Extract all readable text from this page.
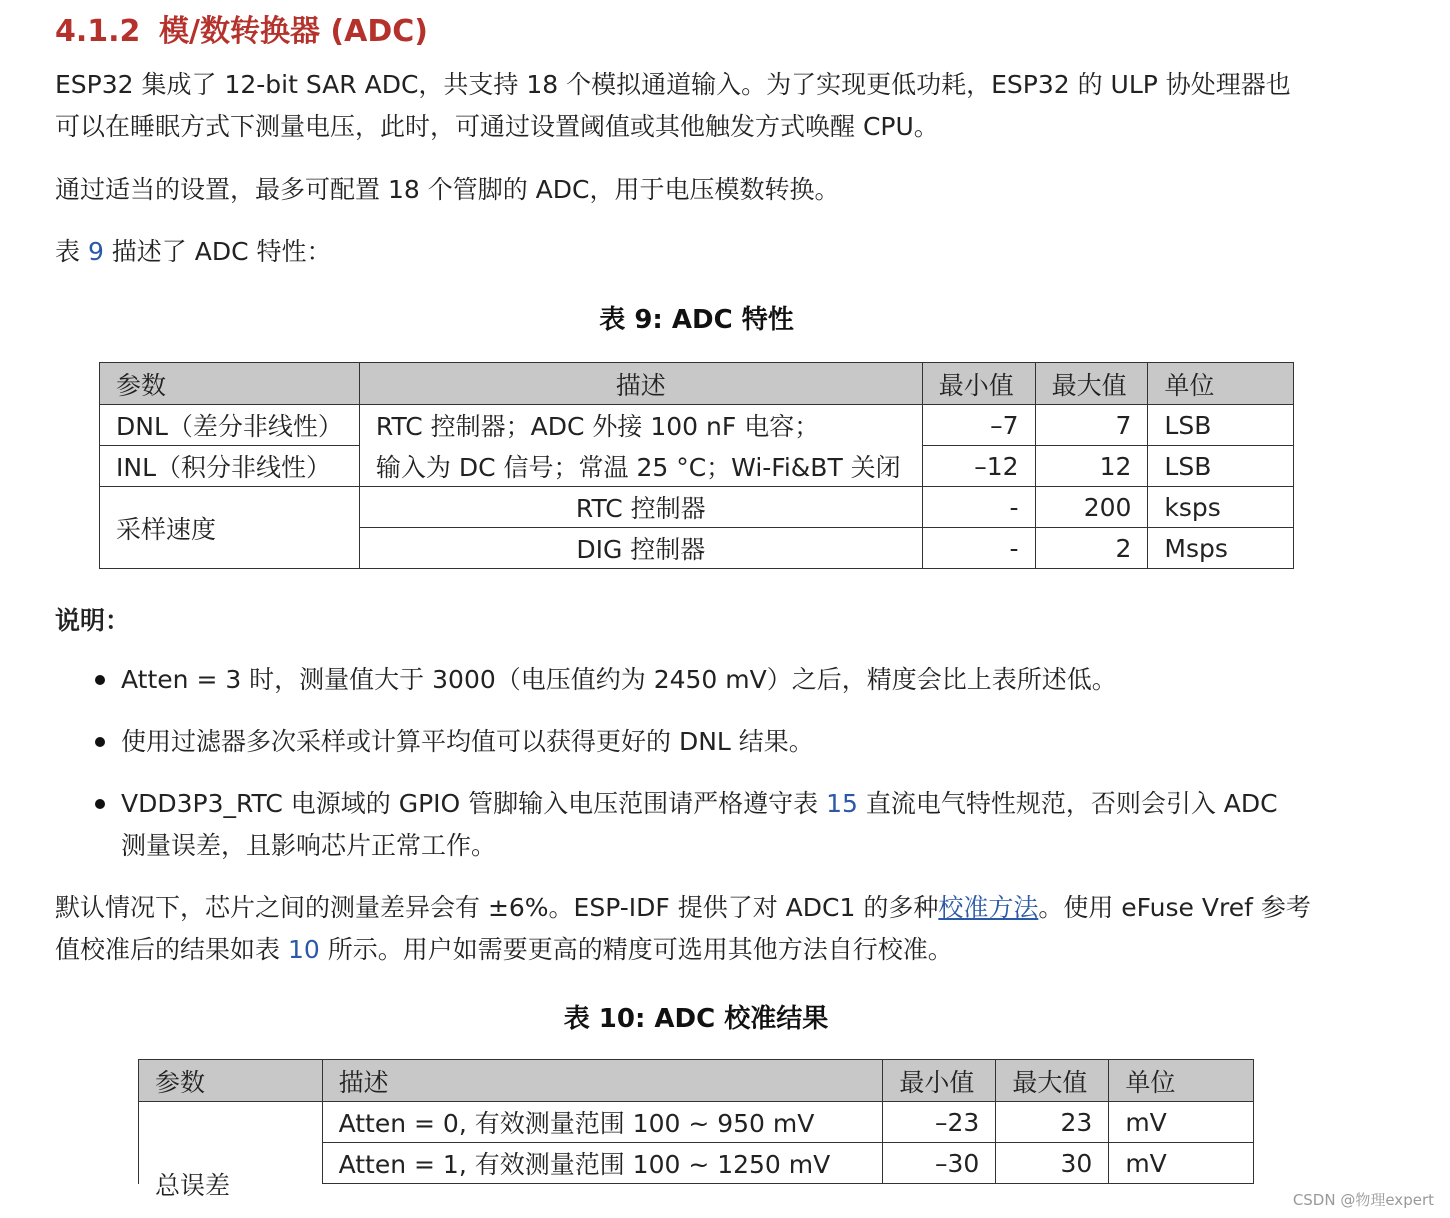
4.1.2 模/数转换器 (ADC)
ESP32 集成了 12-bit SAR ADC，共支持 18 个模拟通道输入。为了实现更低功耗，ESP32 的 ULP 协处理器也
可以在睡眠方式下测量电压，此时，可通过设置阈值或其他触发方式唤醒 CPU。
通过适当的设置，最多可配置 18 个管脚的 ADC，用于电压模数转换。
表 9 描述了 ADC 特性：
表 9: ADC 特性
参数	描述	最小值	最大值	单位
DNL（差分非线性）	RTC 控制器；ADC 外接 100 nF 电容；	–7	7	LSB
INL（积分非线性）	输入为 DC 信号；常温 25 °C；Wi-Fi&BT 关闭	–12	12	LSB
采样速度	RTC 控制器	-	200	ksps
	DIG 控制器	-	2	Msps
说明：
Atten = 3 时，测量值大于 3000（电压值约为 2450 mV）之后，精度会比上表所述低。
使用过滤器多次采样或计算平均值可以获得更好的 DNL 结果。
VDD3P3_RTC 电源域的 GPIO 管脚输入电压范围请严格遵守表 15 直流电气特性规范，否则会引入 ADC
测量误差，且影响芯片正常工作。
默认情况下，芯片之间的测量差异会有 ±6%。ESP-IDF 提供了对 ADC1 的多种校准方法。使用 eFuse Vref 参考
值校准后的结果如表 10 所示。用户如需要更高的精度可选用其他方法自行校准。
表 10: ADC 校准结果
参数	描述	最小值	最大值	单位

总误差	Atten = 0, 有效测量范围 100 ~ 950 mV	–23	23	mV
	Atten = 1, 有效测量范围 100 ~ 1250 mV	–30	30	mV
CSDN @物理expert
